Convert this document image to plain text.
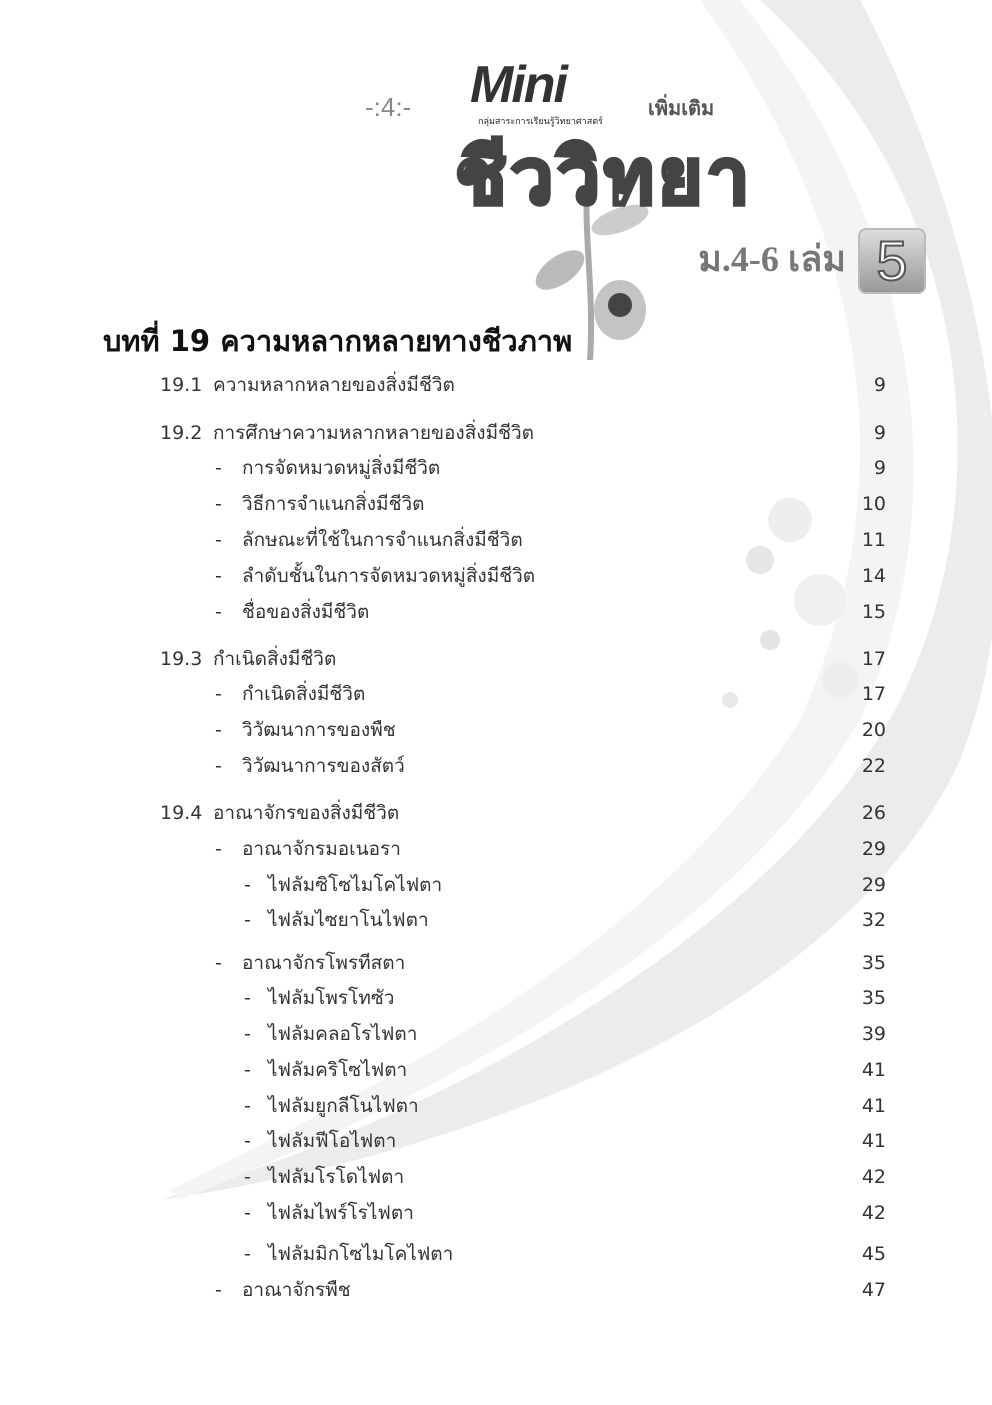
-:4:- Mini
กลุ่มสาระการเรียนรู้วิทยาศาสตร์
เพิ่มเติม
ชีววิทยา
ม.4-6 เล่ม 5
บทที่ 19 ความหลากหลายทางชีวภาพ
19.1 ความหลากหลายของสิ่งมีชีวิต	9
19.2 การศึกษาความหลากหลายของสิ่งมีชีวิต	9
- การจัดหมวดหมู่สิ่งมีชีวิต	9
- วิธีการจำแนกสิ่งมีชีวิต	10
- ลักษณะที่ใช้ในการจำแนกสิ่งมีชีวิต	11
- ลำดับชั้นในการจัดหมวดหมู่สิ่งมีชีวิต	14
- ชื่อของสิ่งมีชีวิต	15
19.3 กำเนิดสิ่งมีชีวิต	17
- กำเนิดสิ่งมีชีวิต	17
- วิวัฒนาการของพืช	20
- วิวัฒนาการของสัตว์	22
19.4 อาณาจักรของสิ่งมีชีวิต	26
- อาณาจักรมอเนอรา	29
- ไฟลัมซิโซไมโคไฟตา	29
- ไฟลัมไซยาโนไฟตา	32
- อาณาจักรโพรทีสตา	35
- ไฟลัมโพรโทซัว	35
- ไฟลัมคลอโรไฟตา	39
- ไฟลัมคริโซไฟตา	41
- ไฟลัมยูกลีโนไฟตา	41
- ไฟลัมฟีโอไฟตา	41
- ไฟลัมโรโดไฟตา	42
- ไฟลัมไพร์โรไฟตา	42
- ไฟลัมมิกโซไมโคไฟตา	45
- อาณาจักรพืช	47
